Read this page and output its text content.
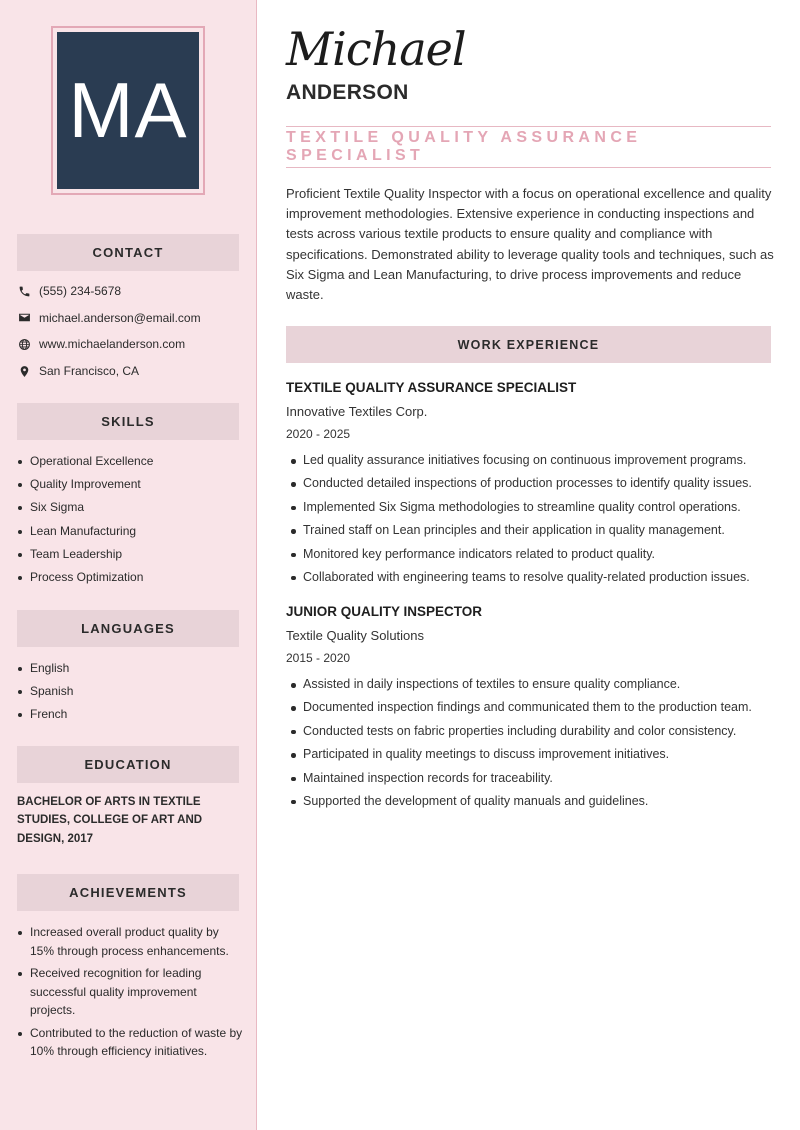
MA
CONTACT
(555) 234-5678
michael.anderson@email.com
www.michaelanderson.com
San Francisco, CA
SKILLS
Operational Excellence
Quality Improvement
Six Sigma
Lean Manufacturing
Team Leadership
Process Optimization
LANGUAGES
English
Spanish
French
EDUCATION
BACHELOR OF ARTS IN TEXTILE STUDIES, COLLEGE OF ART AND DESIGN, 2017
ACHIEVEMENTS
Increased overall product quality by 15% through process enhancements.
Received recognition for leading successful quality improvement projects.
Contributed to the reduction of waste by 10% through efficiency initiatives.
Michael
ANDERSON
TEXTILE QUALITY ASSURANCE SPECIALIST

Proficient Textile Quality Inspector with a focus on operational excellence and quality improvement methodologies. Extensive experience in conducting inspections and tests across various textile products to ensure quality and compliance with specifications. Demonstrated ability to leverage quality tools and techniques, such as Six Sigma and Lean Manufacturing, to drive process improvements and reduce waste.

WORK EXPERIENCE
TEXTILE QUALITY ASSURANCE SPECIALIST
Innovative Textiles Corp.
2020 - 2025
Led quality assurance initiatives focusing on continuous improvement programs.
Conducted detailed inspections of production processes to identify quality issues.
Implemented Six Sigma methodologies to streamline quality control operations.
Trained staff on Lean principles and their application in quality management.
Monitored key performance indicators related to product quality.
Collaborated with engineering teams to resolve quality-related production issues.
JUNIOR QUALITY INSPECTOR
Textile Quality Solutions
2015 - 2020
Assisted in daily inspections of textiles to ensure quality compliance.
Documented inspection findings and communicated them to the production team.
Conducted tests on fabric properties including durability and color consistency.
Participated in quality meetings to discuss improvement initiatives.
Maintained inspection records for traceability.
Supported the development of quality manuals and guidelines.
